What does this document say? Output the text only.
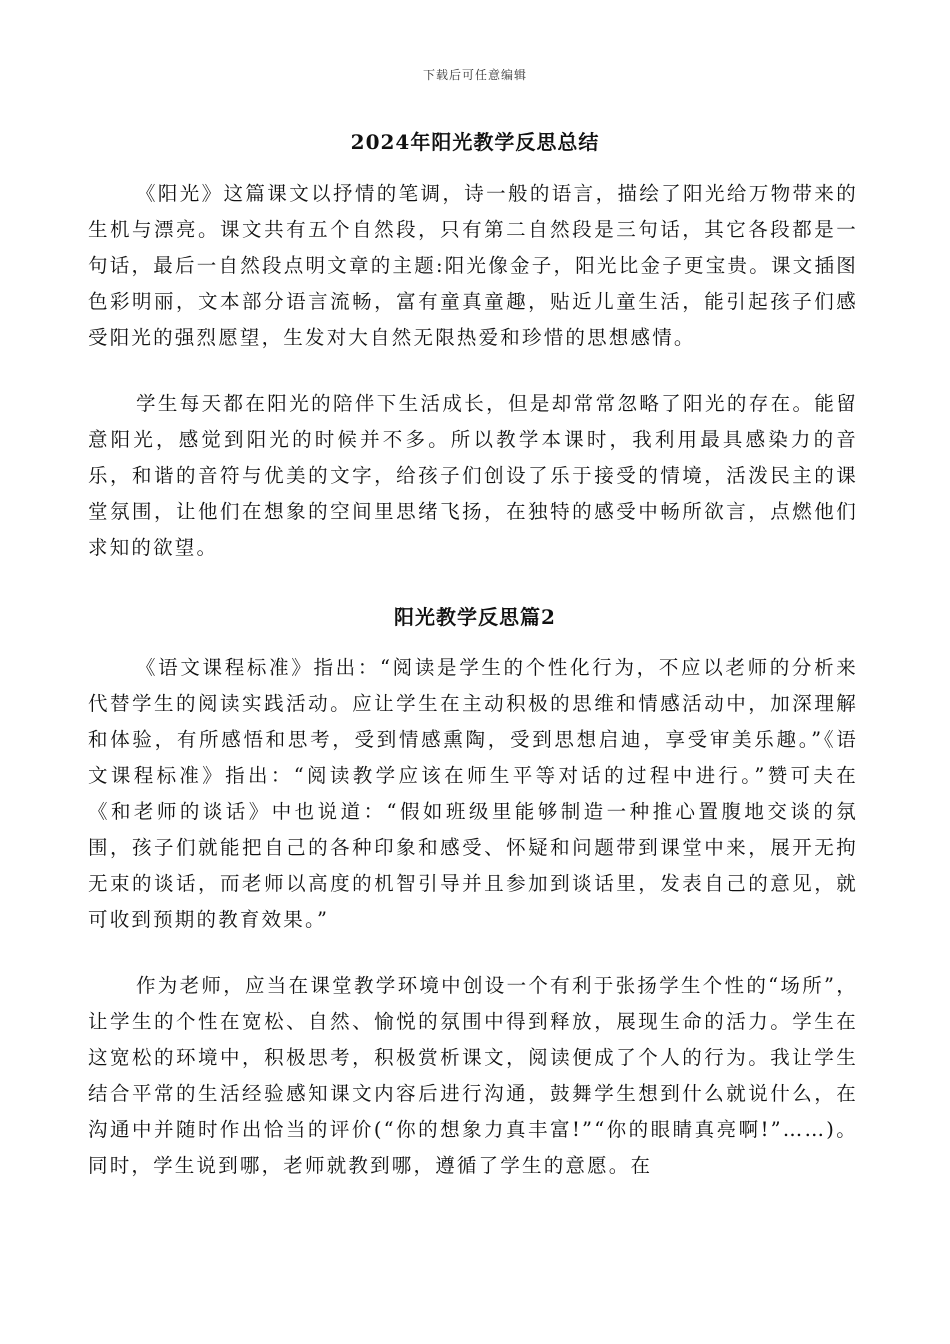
下载后可任意编辑
2024年阳光教学反思总结

《阳光》这篇课文以抒情的笔调，诗一般的语言，描绘了阳光给万物带来的生机与漂亮。课文共有五个自然段，只有第二自然段是三句话，其它各段都是一句话，最后一自然段点明文章的主题:阳光像金子，阳光比金子更宝贵。课文插图色彩明丽，文本部分语言流畅，富有童真童趣，贴近儿童生活，能引起孩子们感受阳光的强烈愿望，生发对大自然无限热爱和珍惜的思想感情。

学生每天都在阳光的陪伴下生活成长，但是却常常忽略了阳光的存在。能留意阳光，感觉到阳光的时候并不多。所以教学本课时，我利用最具感染力的音乐，和谐的音符与优美的文字，给孩子们创设了乐于接受的情境，活泼民主的课堂氛围，让他们在想象的空间里思绪飞扬，在独特的感受中畅所欲言，点燃他们求知的欲望。

阳光教学反思篇2

《语文课程标准》指出：“阅读是学生的个性化行为，不应以老师的分析来代替学生的阅读实践活动。应让学生在主动积极的思维和情感活动中，加深理解和体验，有所感悟和思考，受到情感熏陶，受到思想启迪，享受审美乐趣。”《语文课程标准》指出：“阅读教学应该在师生平等对话的过程中进行。”赞可夫在《和老师的谈话》中也说道：“假如班级里能够制造一种推心置腹地交谈的氛围，孩子们就能把自己的各种印象和感受、怀疑和问题带到课堂中来，展开无拘无束的谈话，而老师以高度的机智引导并且参加到谈话里，发表自己的意见，就可收到预期的教育效果。”

作为老师，应当在课堂教学环境中创设一个有利于张扬学生个性的“场所”，让学生的个性在宽松、自然、愉悦的氛围中得到释放，展现生命的活力。学生在这宽松的环境中，积极思考，积极赏析课文，阅读便成了个人的行为。我让学生结合平常的生活经验感知课文内容后进行沟通，鼓舞学生想到什么就说什么，在沟通中并随时作出恰当的评价(“你的想象力真丰富!”“你的眼睛真亮啊!”……)。同时，学生说到哪，老师就教到哪，遵循了学生的意愿。在
